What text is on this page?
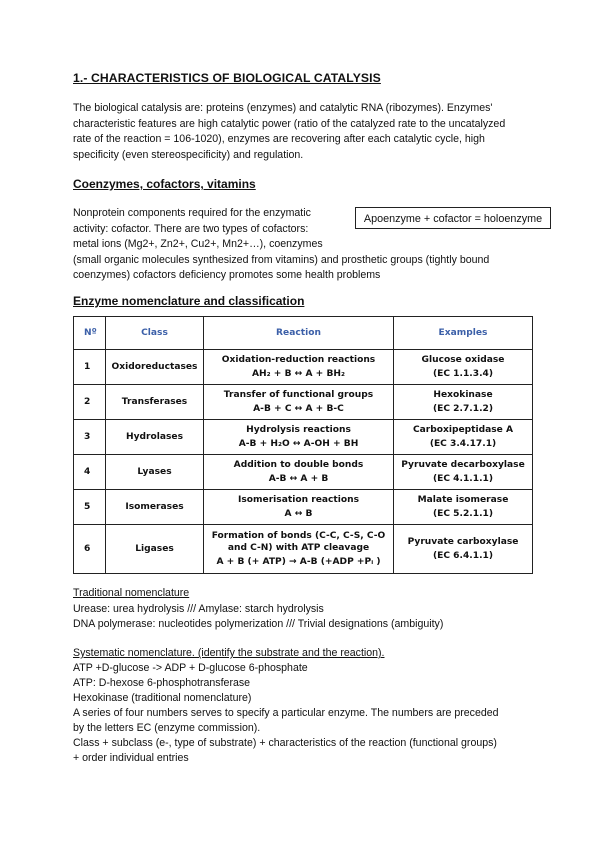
1.- CHARACTERISTICS OF BIOLOGICAL CATALYSIS
The biological catalysis are: proteins (enzymes) and catalytic RNA (ribozymes). Enzymes'
characteristic features are high catalytic power (ratio of the catalyzed rate to the uncatalyzed
rate of the reaction = 106-1020), enzymes are recovering after each catalytic cycle, high
specificity (even stereospecificity) and regulation.
Coenzymes, cofactors, vitamins
Apoenzyme + cofactor = holoenzyme
Nonprotein components required for the enzymatic
activity: cofactor. There are two types of cofactors:
metal ions (Mg2+, Zn2+, Cu2+, Mn2+…), coenzymes
(small organic molecules synthesized from vitamins) and prosthetic groups (tightly bound
coenzymes) cofactors deficiency promotes some health problems
Enzyme nomenclature and classification
Nº	Class	Reaction	Examples
1	Oxidoreductases	Oxidation-reduction reactions
AH₂ + B ↔ A + BH₂	Glucose oxidase
(EC 1.1.3.4)

2	Transferases	Transfer of functional groups
A-B + C ↔ A + B-C	Hexokinase
(EC 2.7.1.2)

3	Hydrolases	Hydrolysis reactions
A-B + H₂O ↔ A-OH + BH	Carboxipeptidase A
(EC 3.4.17.1)

4	Lyases	Addition to double bonds
A-B ↔ A + B	Pyruvate decarboxylase
(EC 4.1.1.1)

5	Isomerases	Isomerisation reactions
A ↔ B	Malate isomerase
(EC 5.2.1.1)

6	Ligases	Formation of bonds (C-C, C-S, C-O
and C-N) with ATP cleavage
A + B (+ ATP) → A-B (+ADP +Pᵢ )	Pyruvate carboxylase
(EC 6.4.1.1)
Traditional nomenclature
Urease: urea hydrolysis /// Amylase: starch hydrolysis
DNA polymerase: nucleotides polymerization /// Trivial designations (ambiguity)
Systematic nomenclature. (identify the substrate and the reaction).
ATP +D-glucose -> ADP + D-glucose 6-phosphate
ATP: D-hexose 6-phosphotransferase
Hexokinase (traditional nomenclature)
A series of four numbers serves to specify a particular enzyme. The numbers are preceded
by the letters EC (enzyme commission).
Class + subclass (e-, type of substrate) + characteristics of the reaction (functional groups)
+ order individual entries
